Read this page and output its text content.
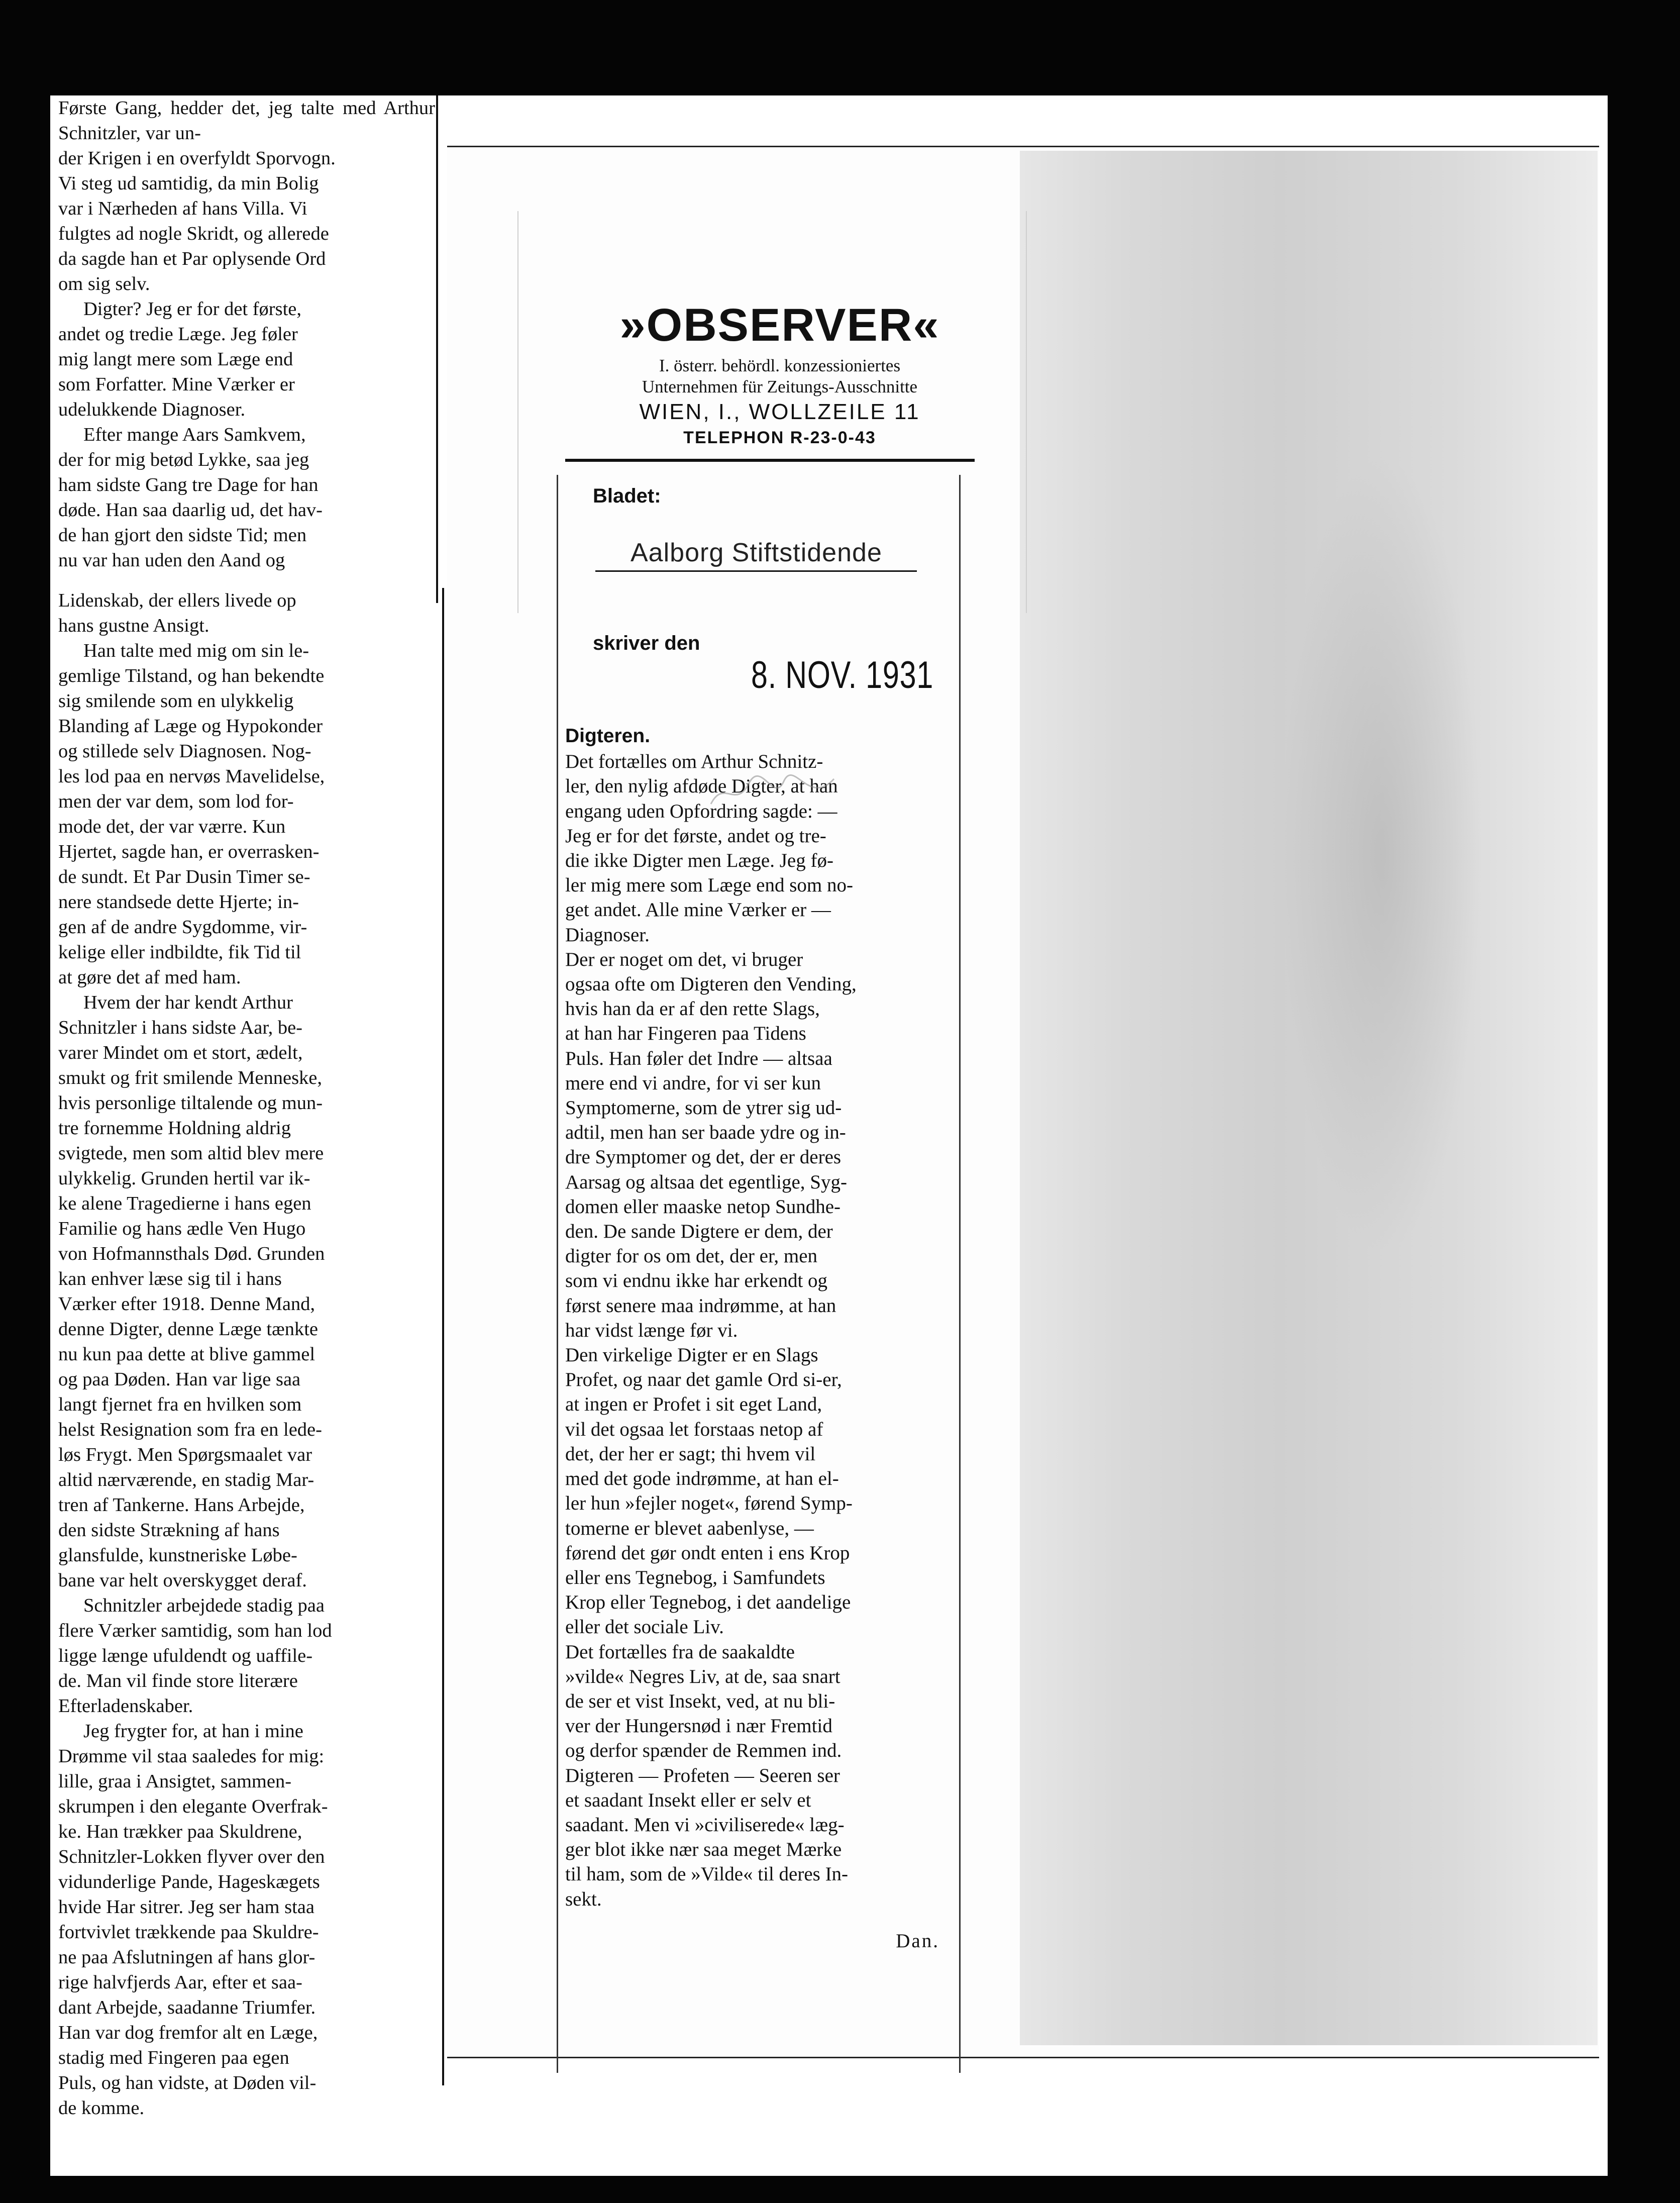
Første Gang, hedder det, jeg talte med Arthur Schnitzler, var un-
der Krigen i en overfyldt Sporvogn.
Vi steg ud samtidig, da min Bolig
var i Nærheden af hans Villa. Vi
fulgtes ad nogle Skridt, og allerede
da sagde han et Par oplysende Ord
om sig selv.

Digter? Jeg er for det første,
andet og tredie Læge. Jeg føler
mig langt mere som Læge end
som Forfatter. Mine Værker er
udelukkende Diagnoser.

Efter mange Aars Samkvem,
der for mig betød Lykke, saa jeg
ham sidste Gang tre Dage for han
døde. Han saa daarlig ud, det hav-
de han gjort den sidste Tid; men
nu var han uden den Aand og

Lidenskab, der ellers livede op
hans gustne Ansigt.

Han talte med mig om sin le-
gemlige Tilstand, og han bekendte
sig smilende som en ulykkelig
Blanding af Læge og Hypokonder
og stillede selv Diagnosen. Nog-
les lod paa en nervøs Mavelidelse,
men der var dem, som lod for-
mode det, der var værre. Kun
Hjertet, sagde han, er overrasken-
de sundt. Et Par Dusin Timer se-
nere standsede dette Hjerte; in-
gen af de andre Sygdomme, vir-
kelige eller indbildte, fik Tid til
at gøre det af med ham.

Hvem der har kendt Arthur
Schnitzler i hans sidste Aar, be-
varer Mindet om et stort, ædelt,
smukt og frit smilende Menneske,
hvis personlige tiltalende og mun-
tre fornemme Holdning aldrig
svigtede, men som altid blev mere
ulykkelig. Grunden hertil var ik-
ke alene Tragedierne i hans egen
Familie og hans ædle Ven Hugo
von Hofmannsthals Død. Grunden
kan enhver læse sig til i hans
Værker efter 1918. Denne Mand,
denne Digter, denne Læge tænkte
nu kun paa dette at blive gammel
og paa Døden. Han var lige saa
langt fjernet fra en hvilken som
helst Resignation som fra en lede-
løs Frygt. Men Spørgsmaalet var
altid nærværende, en stadig Mar-
tren af Tankerne. Hans Arbejde,
den sidste Strækning af hans
glansfulde, kunstneriske Løbe-
bane var helt overskygget deraf.

Schnitzler arbejdede stadig paa
flere Værker samtidig, som han lod
ligge længe ufuldendt og uaffile-
de. Man vil finde store literære
Efterladenskaber.

Jeg frygter for, at han i mine
Drømme vil staa saaledes for mig:
lille, graa i Ansigtet, sammen-
skrumpen i den elegante Overfrak-
ke. Han trækker paa Skuldrene,
Schnitzler-Lokken flyver over den
vidunderlige Pande, Hageskægets
hvide Har sitrer. Jeg ser ham staa
fortvivlet trækkende paa Skuldre-
ne paa Afslutningen af hans glor-
rige halvfjerds Aar, efter et saa-
dant Arbejde, saadanne Triumfer.
Han var dog fremfor alt en Læge,
stadig med Fingeren paa egen
Puls, og han vidste, at Døden vil-
de komme.

»OBSERVER«
I. österr. behördl. konzessioniertes
Unternehmen für Zeitungs-Ausschnitte
WIEN, I., WOLLZEILE 11
TELEPHON R-23-0-43
Bladet:
Aalborg Stiftstidende
skriver den
8. NOV. 1931
Digteren.

Det fortælles om Arthur Schnitz-
ler, den nylig afdøde Digter, at han
engang uden Opfordring sagde: —
Jeg er for det første, andet og tre-
die ikke Digter men Læge. Jeg fø-
ler mig mere som Læge end som no-
get andet. Alle mine Værker er —
Diagnoser.

Der er noget om det, vi bruger
ogsaa ofte om Digteren den Vending,
hvis han da er af den rette Slags,
at han har Fingeren paa Tidens
Puls. Han føler det Indre — altsaa
mere end vi andre, for vi ser kun
Symptomerne, som de ytrer sig ud-
adtil, men han ser baade ydre og in-
dre Symptomer og det, der er deres
Aarsag og altsaa det egentlige, Syg-
domen eller maaske netop Sundhe-
den. De sande Digtere er dem, der
digter for os om det, der er, men
som vi endnu ikke har erkendt og
først senere maa indrømme, at han
har vidst længe før vi.

Den virkelige Digter er en Slags
Profet, og naar det gamle Ord si-er,
at ingen er Profet i sit eget Land,
vil det ogsaa let forstaas netop af
det, der her er sagt; thi hvem vil
med det gode indrømme, at han el-
ler hun »fejler noget«, førend Symp-
tomerne er blevet aabenlyse, —
førend det gør ondt enten i ens Krop
eller ens Tegnebog, i Samfundets
Krop eller Tegnebog, i det aandelige
eller det sociale Liv.

Det fortælles fra de saakaldte
»vilde« Negres Liv, at de, saa snart
de ser et vist Insekt, ved, at nu bli-
ver der Hungersnød i nær Fremtid
og derfor spænder de Remmen ind.
Digteren — Profeten — Seeren ser
et saadant Insekt eller er selv et
saadant. Men vi »civiliserede« læg-
ger blot ikke nær saa meget Mærke
til ham, som de »Vilde« til deres In-
sekt.

Dan.
